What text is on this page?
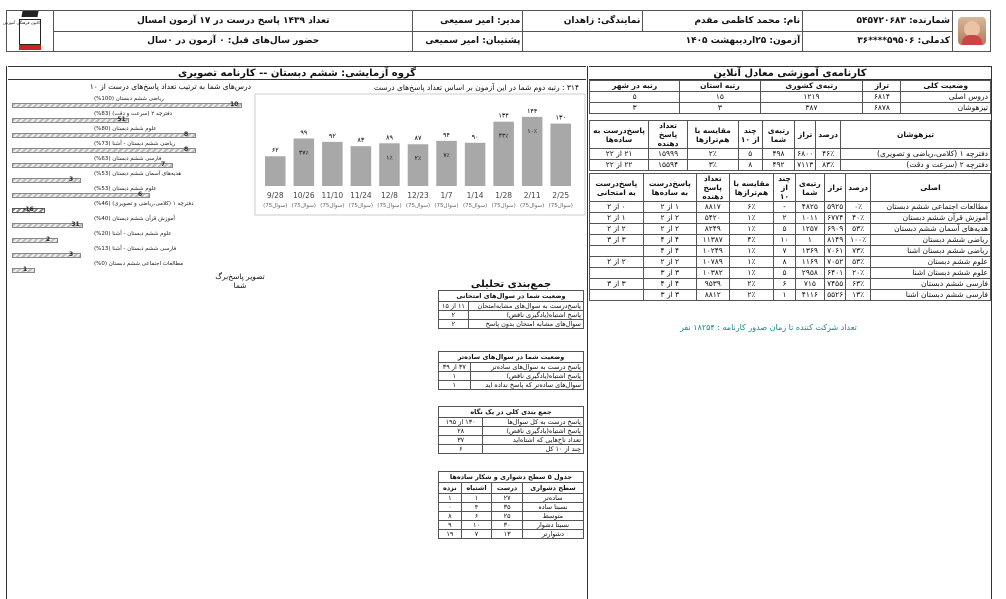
	شمارنده: ۵۴۵۷۲۰۶۸۳	نام: محمد کاظمی مقدم	نمایندگی: زاهدان	مدیر: امیر سمیعی	تعداد ۱۴۳۹ پاسخ درست در ۱۷ آزمون امسال	کانون فرهنگی آموزش

	کدملی: ۵۹۵۰۶****۳۶	آزمون: ۲۵اردیبهشت ۱۴۰۵		پشتیبان: امیر سمیعی	حضور سال‌های قبل: ۰ آزمون در ۰سال	
کارنامه‌ی آموزشی معادل آنلاین
وضعیت کلی	تراز	رتبه‌ی کشوری	رتبه استان	رتبه در شهر
دروس اصلی	۶۸۱۴	۱۲۱۹	۱۵	۵
تیزهوشان	۶۸۷۸	۳۸۷	۳	۳
تیزهوشان	درصد	تراز	رتبه‌ی شما	چند از ۱۰	مقایسه با هم‌ترازها	تعداد پاسخ دهنده	پاسخ‌درست به ساده‌ها
دفترچه ۱ (کلامی،ریاضی و تصویری)	۴۶٪	۶۸۰۰	۴۹۸	۵	۲٪	۱۵۹۹۹	۲۱ از ۲۲
دفترچه ۲ (سرعت و دقت)	۸۳٪	۷۱۱۳	۴۹۲	۸	۳٪	۱۵۵۹۴	۲۲ از ۲۲
اصلی	درصد	تراز	رتبه‌ی شما	چند از ۱۰	مقایسه با هم‌ترازها	تعداد پاسخ دهنده	پاسخ‌درست به ساده‌ها	پاسخ‌درست به امتحانی
مطالعات اجتماعی ششم دبستان	۰٪	۵۹۲۵	۴۸۲۵	-	۶٪	۸۸۱۷	۱ از ۲	۰ از ۲
آموزش قرآن ششم دبستان	۴۰٪	۶۷۷۴	۱۰۱۱	۲	۱٪	۵۴۲۰	۲ از ۲	۱ از ۲
هدیه‌های آسمان ششم دبستان	۵۳٪	۶۹۰۹	۱۲۵۷	۵	۱٪	۸۲۴۹	۲ از ۲	۲ از ۲
ریاضی ششم دبستان	۱۰۰٪	۸۱۴۹	۱	۱۰	۴٪	۱۱۳۸۷	۴ از ۴	۳ از ۳
ریاضی ششم دبستان اشنا	۷۳٪	۷۰۶۱	۱۳۶۹	۷	۱٪	۱۰۲۴۹	۴ از ۴	
علوم ششم دبستان	۵۳٪	۷۰۵۲	۱۱۶۹	۸	۱٪	۱۰۷۸۹	۲ از ۲	۲ از ۲
علوم ششم دبستان اشنا	۲۰٪	۶۴۰۱	۲۹۵۸	۵	۱٪	۱۰۳۸۲	۳ از ۳	
فارسی ششم دبستان	۶۳٪	۷۴۵۵	۷۱۵	۶	۲٪	۹۵۳۹	۴ از ۴	۳ از ۳
فارسی ششم دبستان اشنا	۱۳٪	۵۵۲۶	۴۱۱۶	۱	۲٪	۸۸۱۲	۳ از ۳	
تعداد شرکت کننده تا زمان صدور کارنامه : ۱۸۲۵۴ نفر
گروه آزمایشی: ششم دبستان -- کارنامه تصویری
۳۱۴ : رتبه دوم شما در این آزمون بر اساس تعداد پاسخ‌های درست
۶۲
9/28
(75سوال)
۹۹
۳۷٪
10/26
(75سوال)
۹۲
11/10
(75سوال)
۸۳
11/24
(75سوال)
۸۹
۱٪
12/8
(75سوال)
۸۷
۲٪
12/23
(75سوال)
۹۴
۷٪
1/7
(75سوال)
۹۰
1/14
(75سوال)
۱۳۴
۴۳٪
1/28
(75سوال)
۱۴۴
۱۰٪
2/11
(75سوال)
۱۳۰
2/25
(75سوال)
درس‌های شما به ترتیب تعداد پاسخ‌های درست از ۱۰
تصویر پاسخ‌برگ شما
ریاضی ششم دبستان (100%)
10
دفترچه ۲ (سرعت و دقت) (83%)
51
علوم ششم دبستان (80%)
8
ریاضی ششم دبستان - آشنا (73%)
8
فارسی ششم دبستان (63%)
7
هدیه‌های آسمان ششم دبستان (53%)
3
علوم ششم دبستان (53%)
6
دفترچه ۱ (کلامی،ریاضی و تصویری) (46%)
-16
آموزش قرآن ششم دبستان (40%)
31
علوم ششم دبستان - آشنا (20%)
2
فارسی ششم دبستان - آشنا (13%)
3
مطالعات اجتماعی ششم دبستان (0%)
1
جمع‌بندی تحلیلی
وضعیت شما در سوال‌های امتحانی	
پاسخ‌درست به سوال‌های مشابه‌امتحان	۱۱ از ۱۵
پاسخ اشتباه(یادگیری ناقص)	۲
سوال‌های مشابه امتحان بدون پاسخ	۲
وضعیت شما در سوال‌های ساده‌تر	
پاسخ درست به سوال‌های ساده‌تر	۳۷ از ۳۹
پاسخ اشتباه(یادگیری ناقص)	۱
سوال‌های ساده‌تر که پاسخ نداده اید	۱
جمع بندی کلی در یک نگاه	
پاسخ درست به کل سوال‌ها	۱۳۰ از ۱۹۵
پاسخ اشتباه(یادگیری ناقص)	۲۸
تعداد ناخ‌هایی که اشتاه‌اید	۳۷
چند از ۱۰ کل	۶
جدول ۵ سطح دشواری و شکار ساده‌ها			
سطح دشواری	درست	اشتباه	نزده
ساده‌تر	۲۷	۱	۱
نسبتا ساده	۳۵	۴	۰
متوسط	۲۵	۶	۸
نسبتا دشوار	۳۰	۱۰	۹
دشوارتر	۱۳	۷	۱۹
